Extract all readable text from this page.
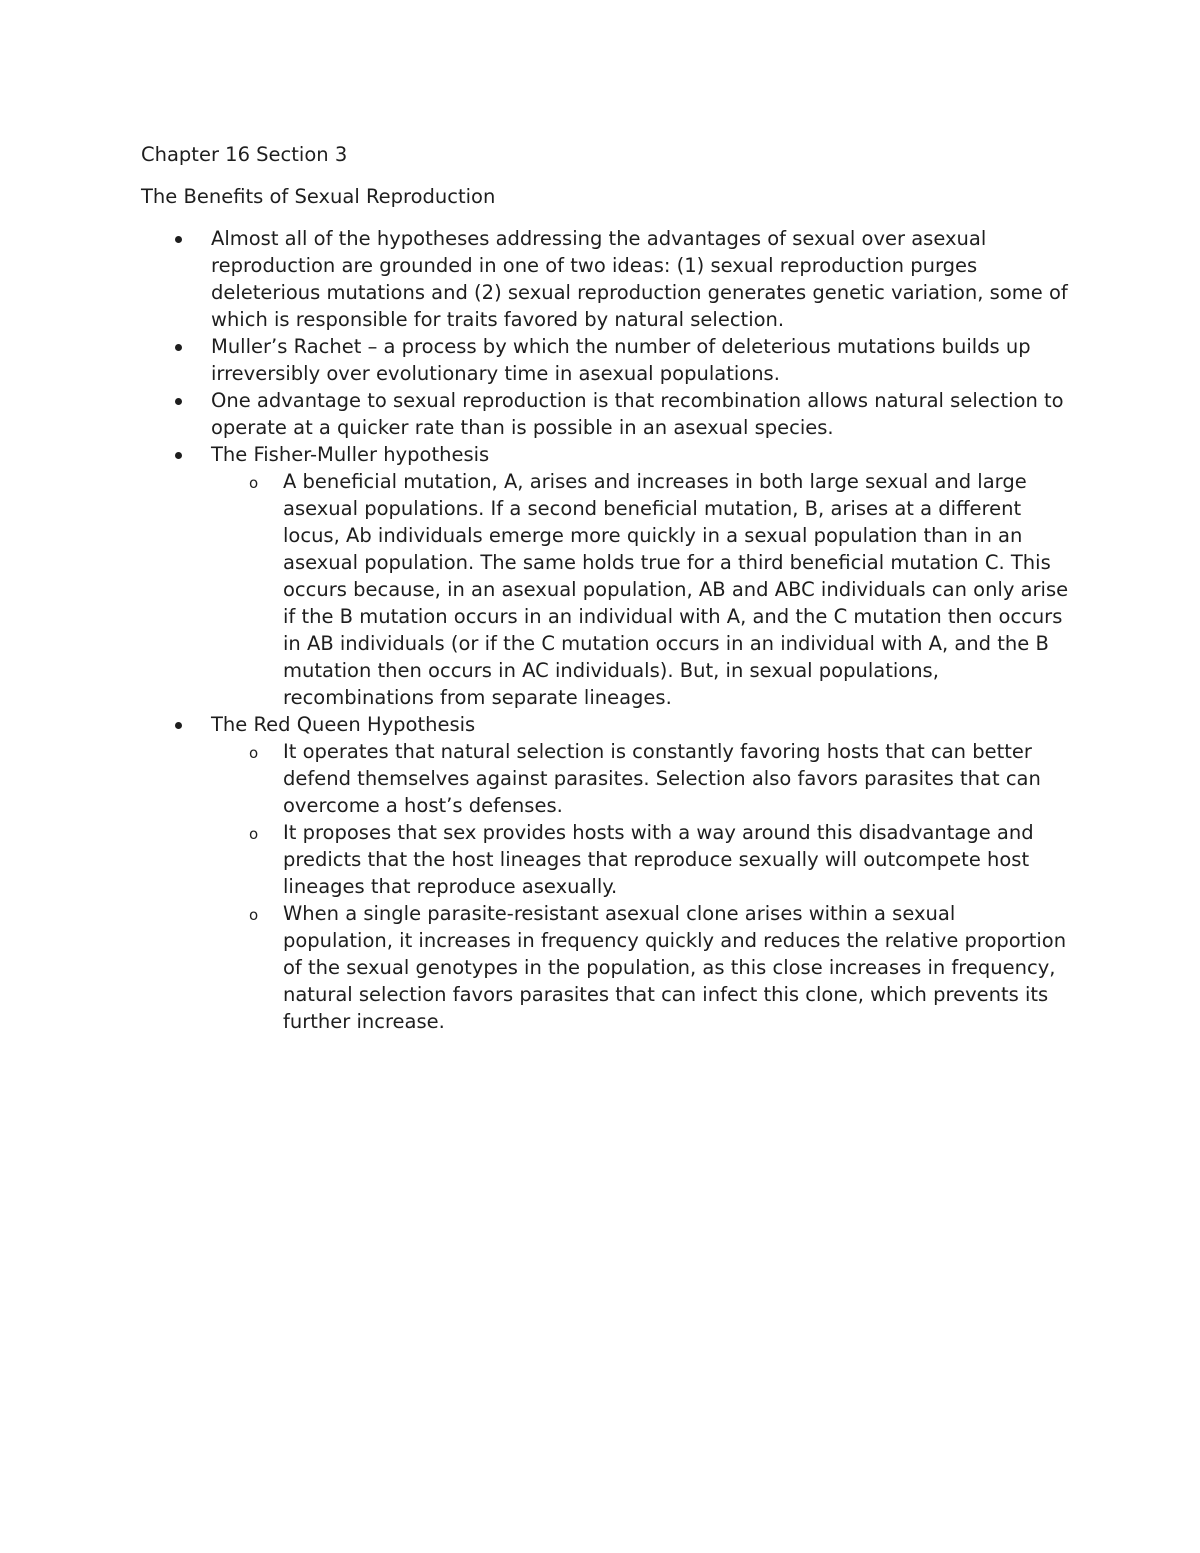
Chapter 16 Section 3

The Benefits of Sexual Reproduction

Almost all of the hypotheses addressing the advantages of sexual over asexual reproduction are grounded in one of two ideas: (1) sexual reproduction purges deleterious mutations and (2) sexual reproduction generates genetic variation, some of which is responsible for traits favored by natural selection.
Muller’s Rachet – a process by which the number of deleterious mutations builds up irreversibly over evolutionary time in asexual populations.
One advantage to sexual reproduction is that recombination allows natural selection to operate at a quicker rate than is possible in an asexual species.
The Fisher-Muller hypothesis
o A beneficial mutation, A, arises and increases in both large sexual and large asexual populations. If a second beneficial mutation, B, arises at a different locus, Ab individuals emerge more quickly in a sexual population than in an asexual population. The same holds true for a third beneficial mutation C. This occurs because, in an asexual population, AB and ABC individuals can only arise if the B mutation occurs in an individual with A, and the C mutation then occurs in AB individuals (or if the C mutation occurs in an individual with A, and the B mutation then occurs in AC individuals). But, in sexual populations, recombinations from separate lineages.
The Red Queen Hypothesis
o It operates that natural selection is constantly favoring hosts that can better defend themselves against parasites. Selection also favors parasites that can overcome a host’s defenses.
o It proposes that sex provides hosts with a way around this disadvantage and predicts that the host lineages that reproduce sexually will outcompete host lineages that reproduce asexually.
o When a single parasite-resistant asexual clone arises within a sexual population, it increases in frequency quickly and reduces the relative proportion of the sexual genotypes in the population, as this close increases in frequency, natural selection favors parasites that can infect this clone, which prevents its further increase.
